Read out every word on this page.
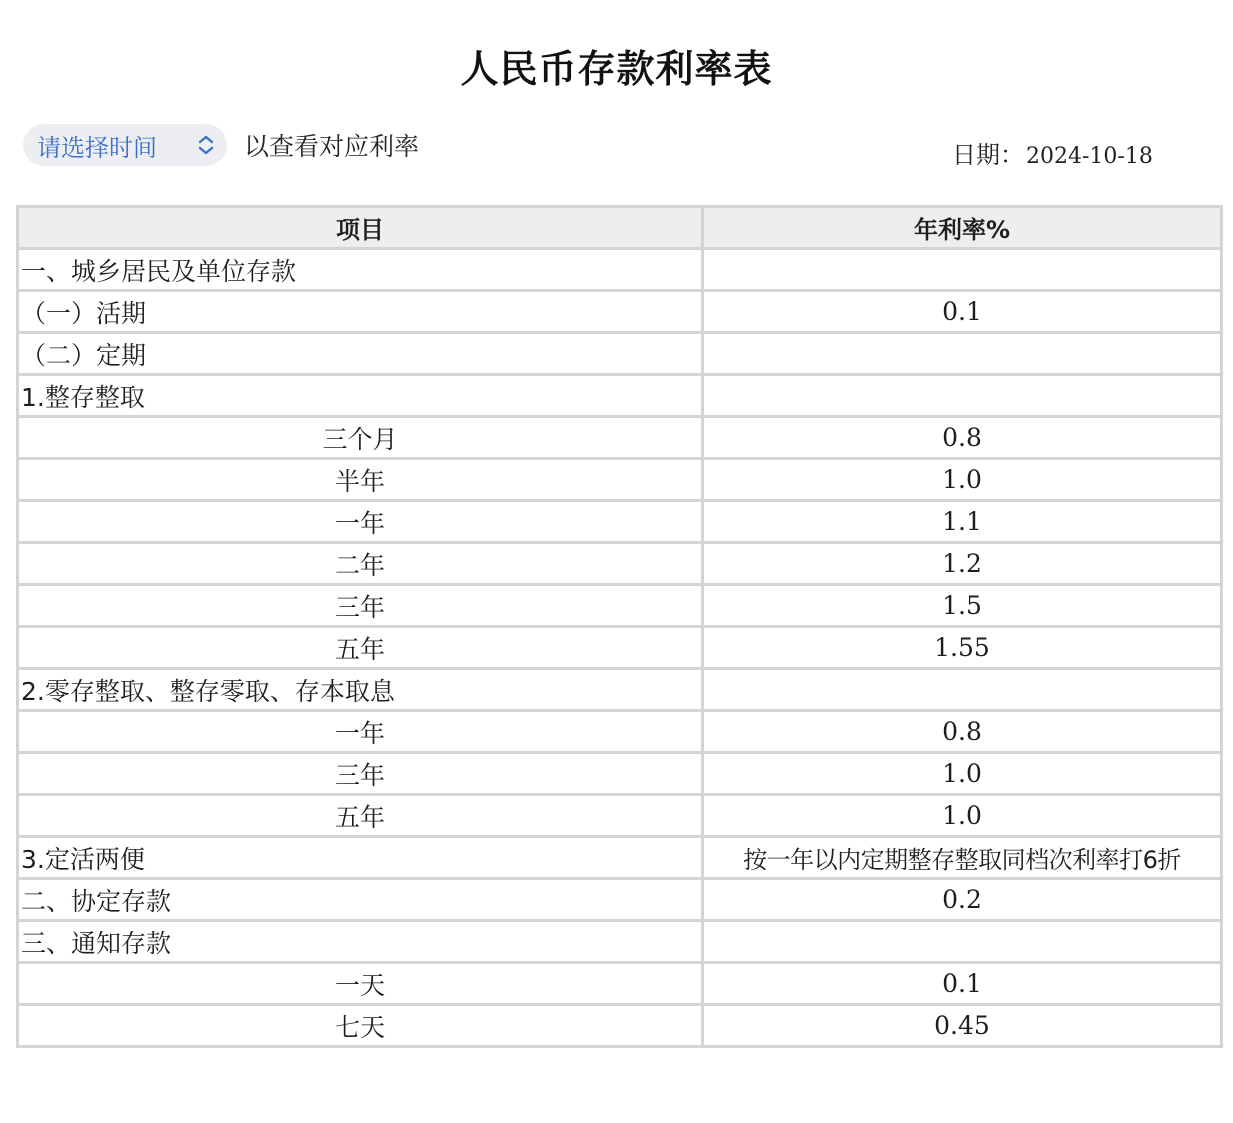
人民币存款利率表
请选择时间	以查看对应利率	日期：2024-10-18
项目	年利率%
一、城乡居民及单位存款	
（一）活期	0.1
（二）定期	
1.整存整取	
三个月	0.8
半年	1.0
一年	1.1
二年	1.2
三年	1.5
五年	1.55
2.零存整取、整存零取、存本取息	
一年	0.8
三年	1.0
五年	1.0
3.定活两便	按一年以内定期整存整取同档次利率打6折
二、协定存款	0.2
三、通知存款	
一天	0.1
七天	0.45
